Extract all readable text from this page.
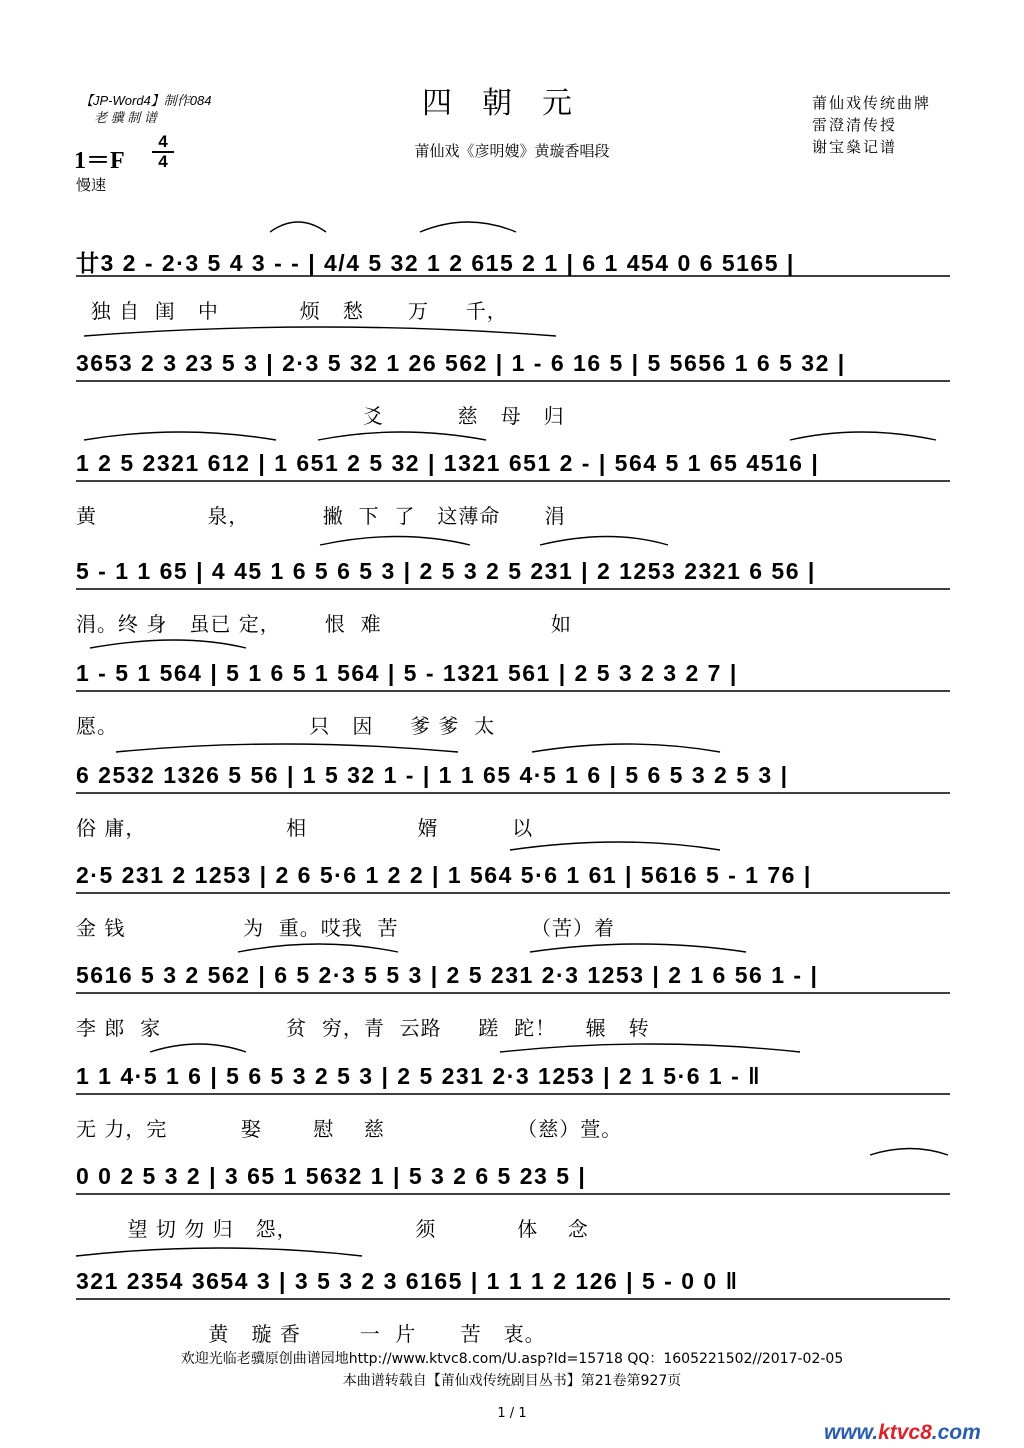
【JP-Word4】制作084
老 骥 制 谱	四朝元
莆仙戏《彦明嫂》黄璇香唱段
莆仙戏传统曲牌
雷澄清传授
谢宝燊记谱
$1=F \frac{4}{4}$
慢速
廿3 2 - 2·3 5 4 3 - - | 4/4 5 32 1 2 615 2 1 | 6 1 454 0 6 5165 |
独 自  闺   中           烦   愁      万     千，
3653 2 3 23 5 3 | 2·3 5 32 1 26 562 | 1 - 6 16 5 | 5 5656 1 6 5 32 |
爻          慈   母   归
1 2 5 2321 612 | 1 651 2 5 32 | 1321 651 2 - | 564 5 1 65 4516 |
黄               泉，          撇  下  了   这薄命      涓
5 - 1 1 65 | 4 45 1 6 5 6 5 3 | 2 5 3 2 5 231 | 2 1253 2321 6 56 |
涓。终 身   虽已 定，      恨  难                       如
1 - 5 1 564 | 5 1 6 5 1 564 | 5 - 1321 561 | 2 5 3 2 3 2 7 |
愿。                          只   因     爹 爹  太
6 2532 1326 5 56 | 1 5 32 1 - | 1 1 65 4·5 1 6 | 5 6 5 3 2 5 3 |
俗 庸，                   相               婿          以
2·5 231 2 1253 | 2 6 5·6 1 2 2 | 1 564 5·6 1 61 | 5616 5 - 1 76 |
金 钱                为  重。哎我  苦                  （苦）着
5616 5 3 2 562 | 6 5 2·3 5 5 3 | 2 5 231 2·3 1253 | 2 1 6 56 1 - |
李 郎  家                 贫  穷，青  云路     蹉  跎！    辗   转
1 1 4·5 1 6 | 5 6 5 3 2 5 3 | 2 5 231 2·3 1253 | 2 1 5·6 1 - ‖
无 力，完          娶       慰    慈                  （慈）萱。
0 0 2 5 3 2 | 3 65 1 5632 1 | 5 3 2 6 5 23 5 |
望 切 勿 归   怨，                须           体    念
321 2354 3654 3 | 3 5 3 2 3 6165 | 1 1 1 2 126 | 5 - 0 0 ‖
黄   璇 香        一  片      苦   衷。
欢迎光临老骥原创曲谱园地http://www.ktvc8.com/U.asp?Id=15718 QQ：1605221502//2017-02-05
本曲谱转载自【莆仙戏传统剧目丛书】第21卷第927页
1 / 1
www.ktvc8.com
